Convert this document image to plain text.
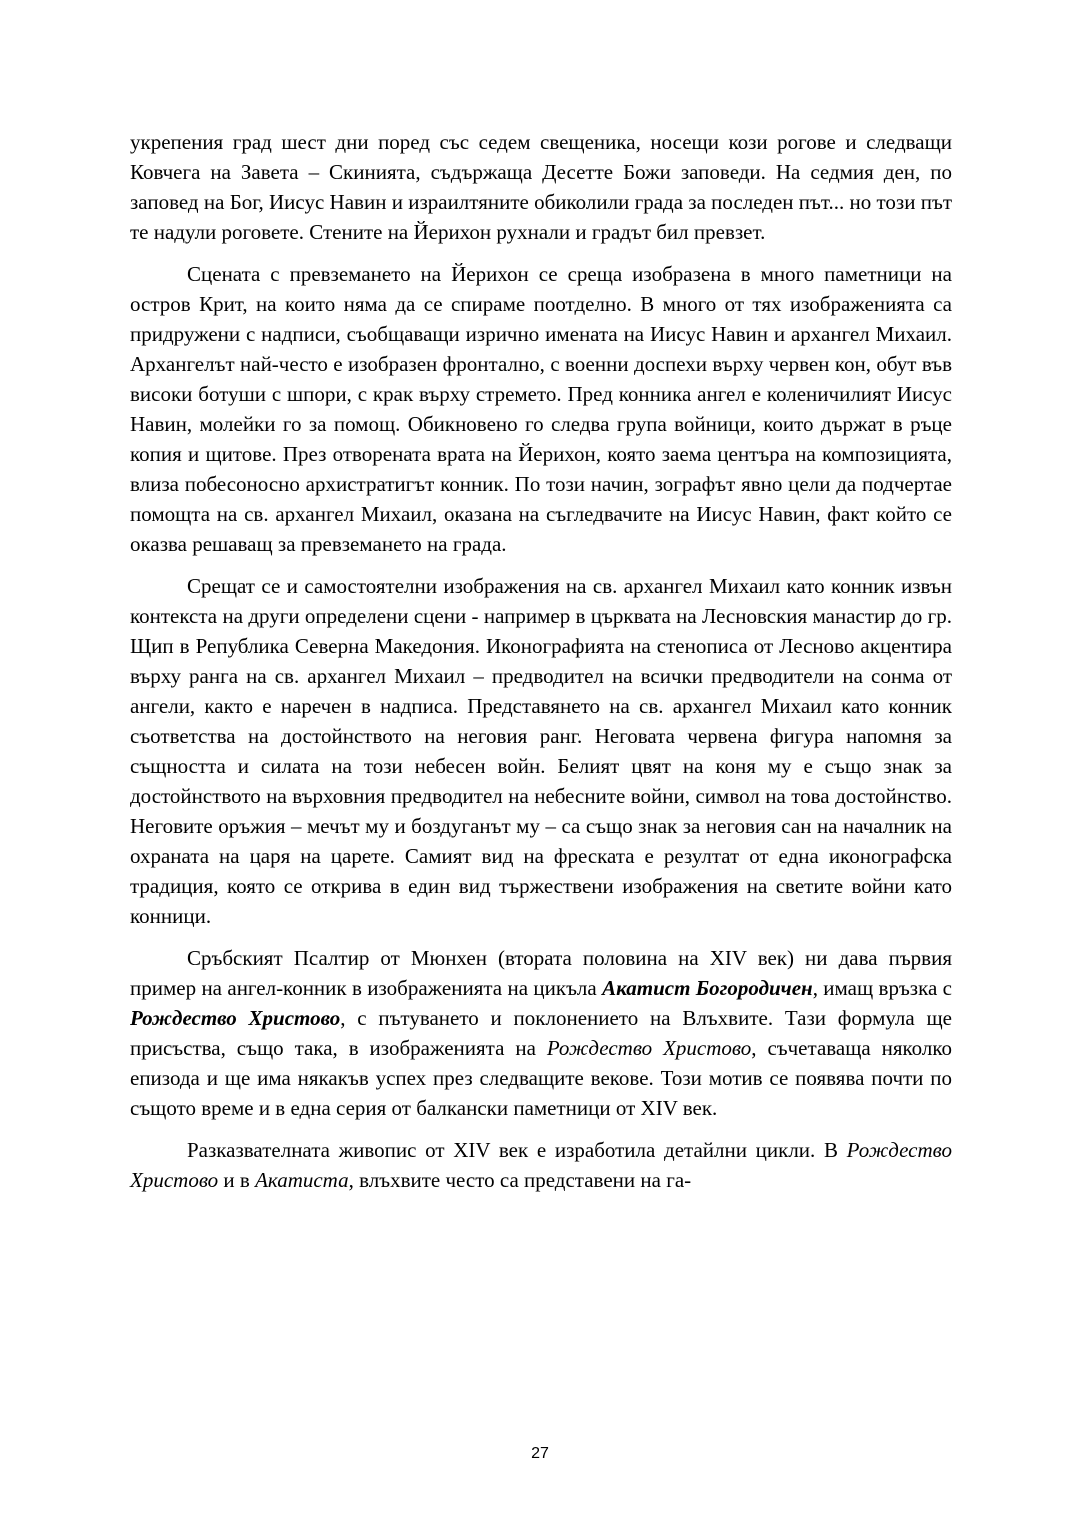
укрепения град шест дни поред със седем свещеника, носещи кози рогове и следващи Ковчега на Завета – Скинията, съдържаща Десетте Божи заповеди. На седмия ден, по заповед на Бог, Иисус Навин и израилтяните обиколили града за последен път... но този път те надули роговете. Стените на Йерихон рухнали и градът бил превзет.

Сцената с превземането на Йерихон се среща изобразена в много паметници на остров Крит, на които няма да се спираме поотделно. В много от тях изображенията са придружени с надписи, съобщаващи изрично имената на Иисус Навин и архангел Михаил. Архангелът най-често е изобразен фронтално, с военни доспехи върху червен кон, обут във високи ботуши с шпори, с крак върху стремето. Пред конника ангел е коленичилият Иисус Навин, молейки го за помощ. Обикновено го следва група войници, които държат в ръце копия и щитове. През отворената врата на Йерихон, която заема центъра на композицията, влиза побесоносно архистратигът конник. По този начин, зографът явно цели да подчертае помощта на св. архангел Михаил, оказана на съгледвачите на Иисус Навин, факт който се оказва решаващ за превземането на града.

Срещат се и самостоятелни изображения на св. архангел Михаил като конник извън контекста на други определени сцени - например в църквата на Лесновския манастир до гр. Щип в Република Северна Македония. Иконографията на стенописа от Лесново акцентира върху ранга на св. архангел Михаил – предводител на всички предводители на сонма от ангели, както е наречен в надписа. Представянето на св. архангел Михаил като конник съответства на достойнството на неговия ранг. Неговата червена фигура напомня за същността и силата на този небесен войн. Белият цвят на коня му е също знак за достойнството на върховния предводител на небесните войни, символ на това достойнство. Неговите оръжия – мечът му и боздуганът му – са също знак за неговия сан на началник на охраната на царя на царете. Самият вид на фреската е резултат от една иконографска традиция, която се открива в един вид тържествени изображения на светите войни като конници.

Сръбският Псалтир от Мюнхен (втората половина на XIV век) ни дава първия пример на ангел-конник в изображенията на цикъла Акатист Богородичен, имащ връзка с Рождество Христово, с пътуването и поклонението на Влъхвите. Тази формула ще присъства, също така, в изображенията на Рождество Христово, съчетаваща няколко епизода и ще има някакъв успех през следващите векове. Този мотив се появява почти по същото време и в една серия от балкански паметници от XIV век.

Разказвателната живопис от XIV век е изработила детайлни цикли. В Рождество Христово и в Акатиста, влъхвите често са представени на га-

27
